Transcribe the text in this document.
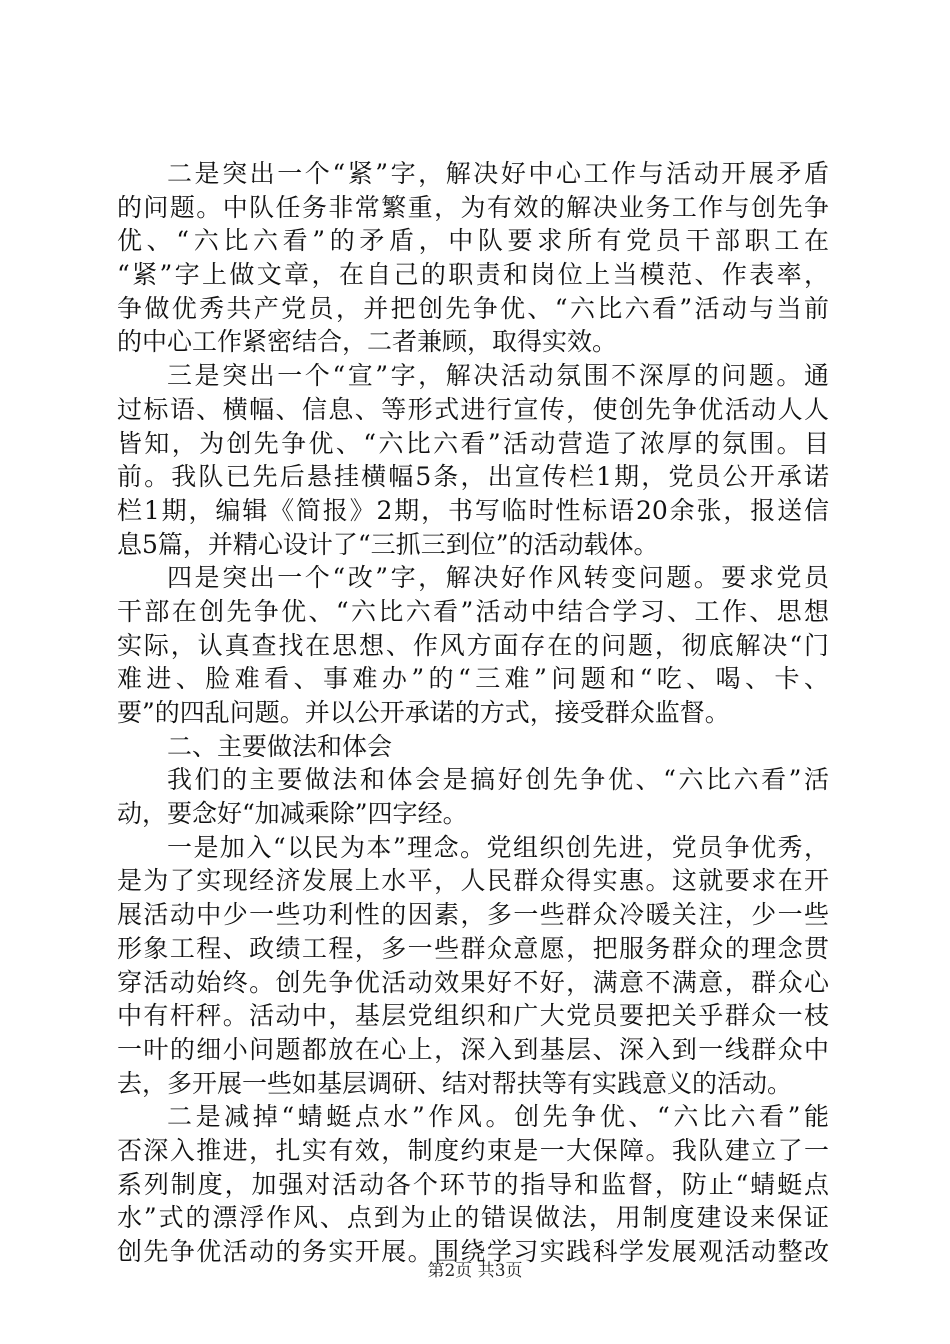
二是突出一个“紧”字，解决好中心工作与活动开展矛盾
的问题。中队任务非常繁重，为有效的解决业务工作与创先争
优、“六比六看”的矛盾，中队要求所有党员干部职工在
“紧”字上做文章，在自己的职责和岗位上当模范、作表率，
争做优秀共产党员，并把创先争优、“六比六看”活动与当前
的中心工作紧密结合，二者兼顾，取得实效。
三是突出一个“宣”字，解决活动氛围不深厚的问题。通
过标语、横幅、信息、等形式进行宣传，使创先争优活动人人
皆知，为创先争优、“六比六看”活动营造了浓厚的氛围。目
前。我队已先后悬挂横幅5条，出宣传栏1期，党员公开承诺
栏1期，编辑《简报》2期，书写临时性标语20余张，报送信
息5篇，并精心设计了“三抓三到位”的活动载体。
四是突出一个“改”字，解决好作风转变问题。要求党员
干部在创先争优、“六比六看”活动中结合学习、工作、思想
实际，认真查找在思想、作风方面存在的问题，彻底解决“门
难进、脸难看、事难办”的“三难”问题和“吃、喝、卡、
要”的四乱问题。并以公开承诺的方式，接受群众监督。
二、主要做法和体会
我们的主要做法和体会是搞好创先争优、“六比六看”活
动，要念好“加减乘除”四字经。
一是加入“以民为本”理念。党组织创先进，党员争优秀，
是为了实现经济发展上水平，人民群众得实惠。这就要求在开
展活动中少一些功利性的因素，多一些群众冷暖关注，少一些
形象工程、政绩工程，多一些群众意愿，把服务群众的理念贯
穿活动始终。创先争优活动效果好不好，满意不满意，群众心
中有杆秤。活动中，基层党组织和广大党员要把关乎群众一枝
一叶的细小问题都放在心上，深入到基层、深入到一线群众中
去，多开展一些如基层调研、结对帮扶等有实践意义的活动。
二是减掉“蜻蜓点水”作风。创先争优、“六比六看”能
否深入推进，扎实有效，制度约束是一大保障。我队建立了一
系列制度，加强对活动各个环节的指导和监督，防止“蜻蜓点
水”式的漂浮作风、点到为止的错误做法，用制度建设来保证
创先争优活动的务实开展。围绕学习实践科学发展观活动整改
第2页 共3页
